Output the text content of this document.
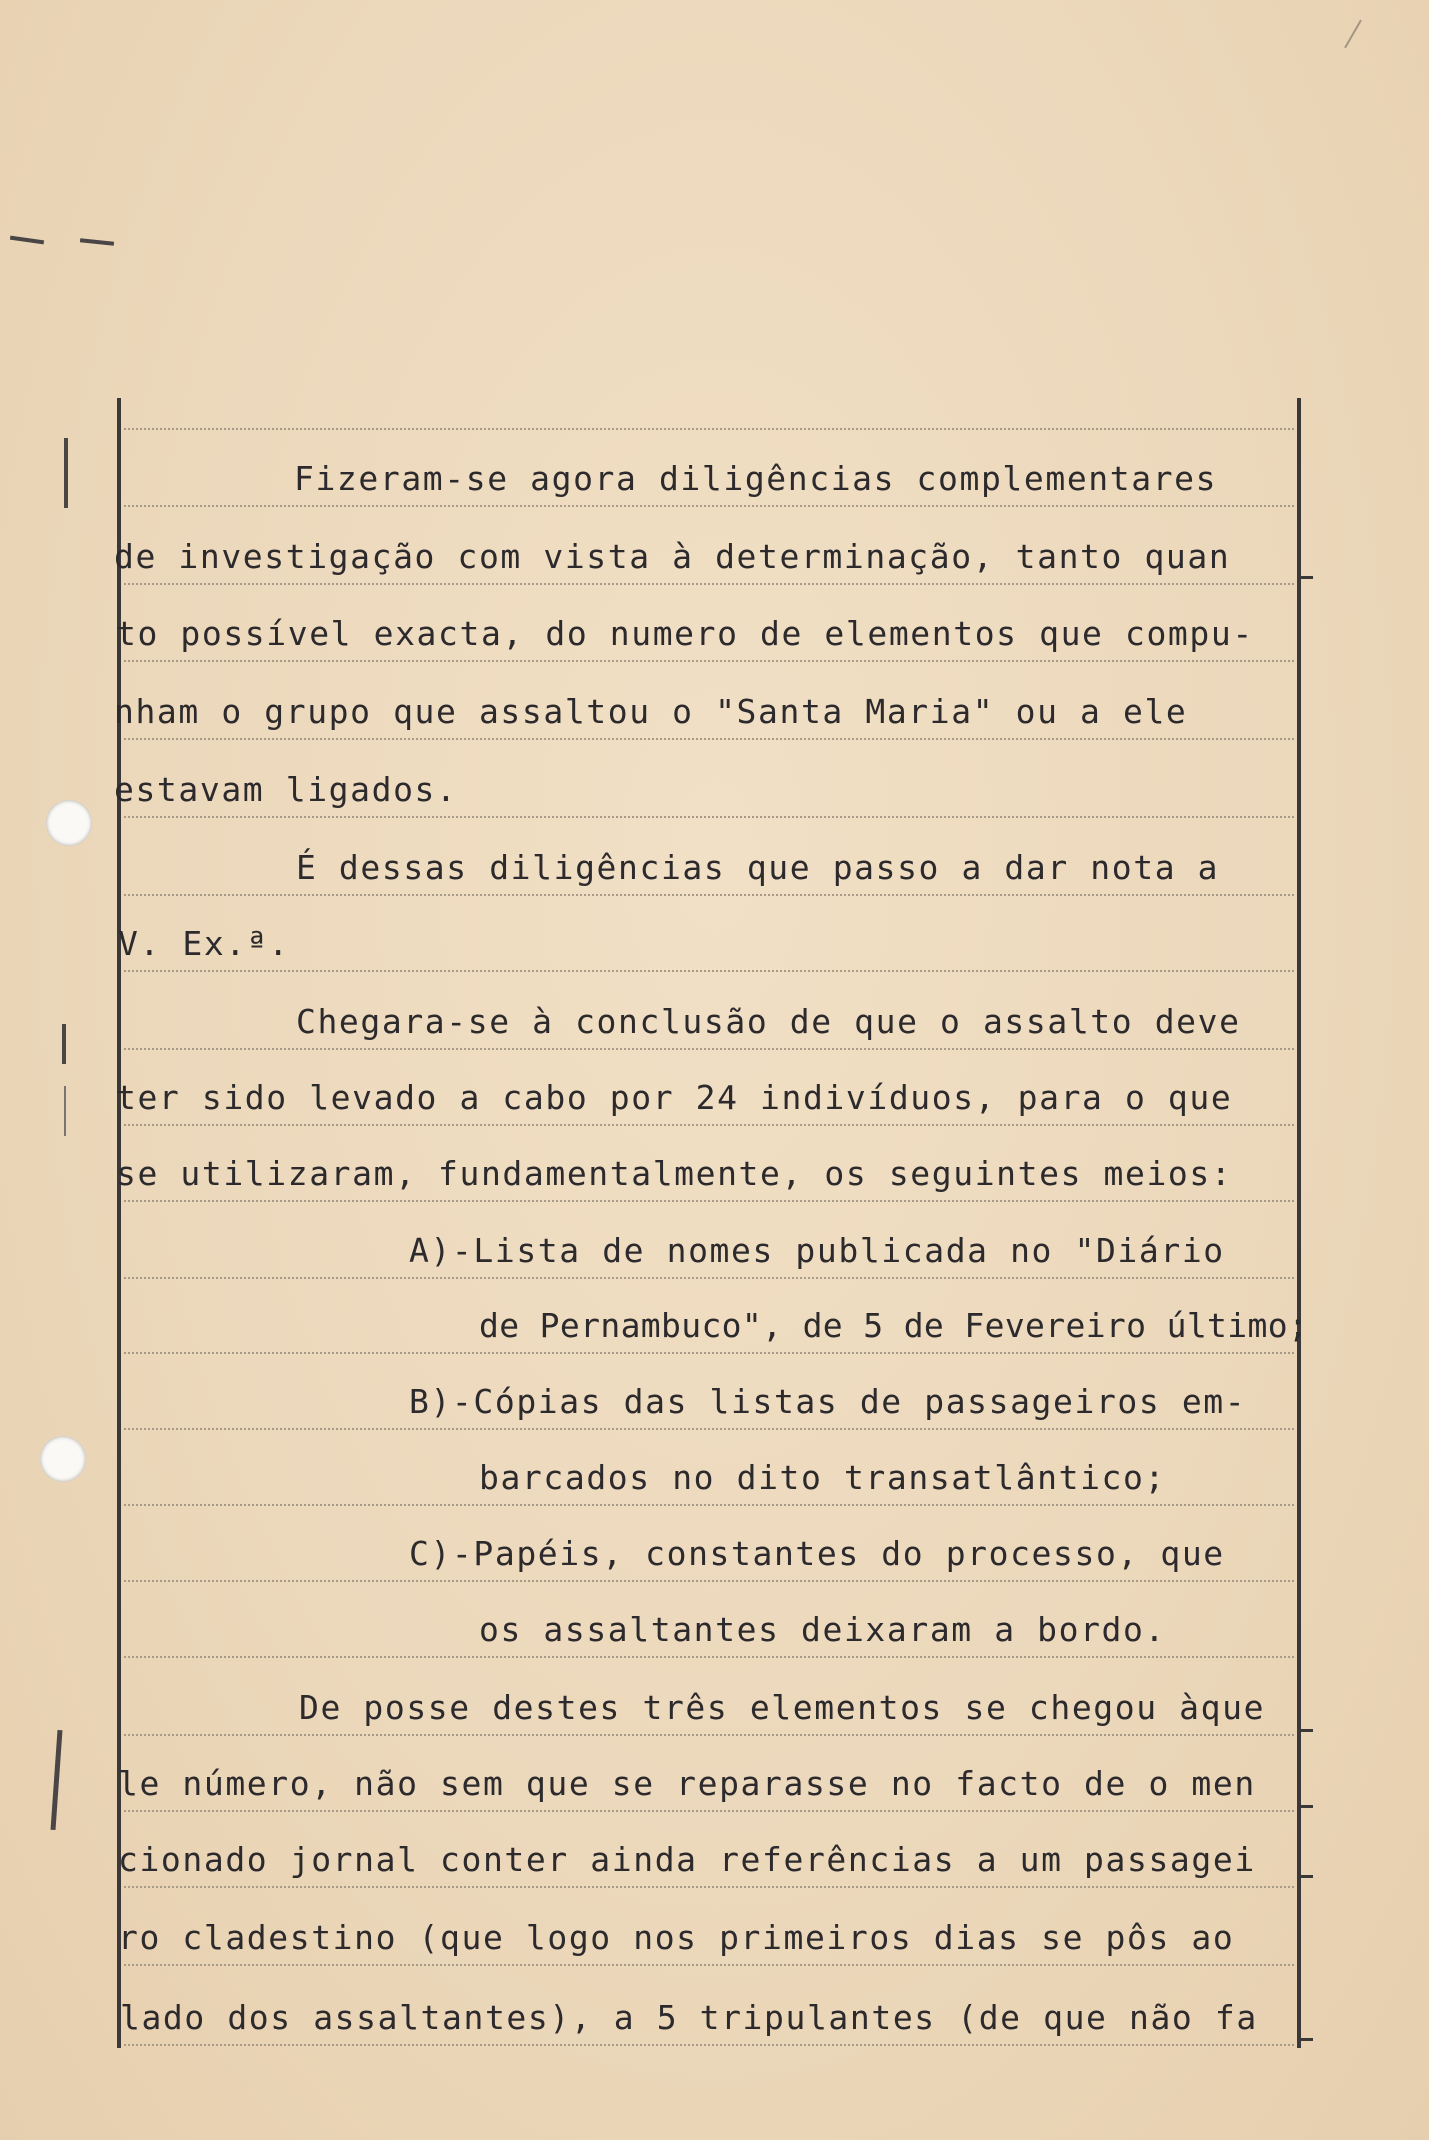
Fizeram-se agora diligências complementares
de investigação com vista à determinação, tanto quan
to possível exacta, do numero de elementos que compu-
nham o grupo que assaltou o "Santa Maria" ou a ele
estavam ligados.
É dessas diligências que passo a dar nota a
V. Ex.ª.
Chegara-se à conclusão de que o assalto deve
ter sido levado a cabo por 24 indivíduos, para o que
se utilizaram, fundamentalmente, os seguintes meios:
A)-Lista de nomes publicada no "Diário
de Pernambuco", de 5 de Fevereiro último;
B)-Cópias das listas de passageiros em-
barcados no dito transatlântico;
C)-Papéis, constantes do processo, que
os assaltantes deixaram a bordo.
De posse destes três elementos se chegou àque
le número, não sem que se reparasse no facto de o men
cionado jornal conter ainda referências a um passagei
ro cladestino (que logo nos primeiros dias se pôs ao
lado dos assaltantes), a 5 tripulantes (de que não fa
